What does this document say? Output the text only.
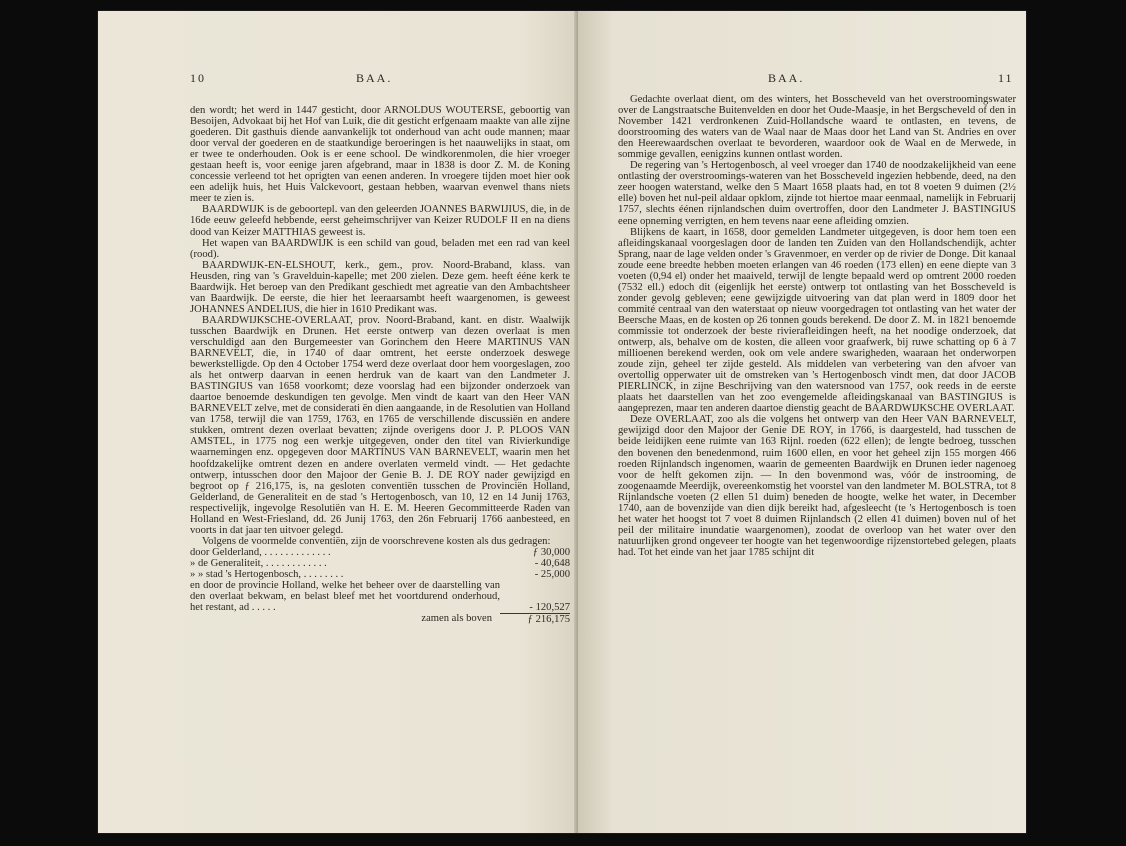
10	BAA.

den wordt; het werd in 1447 gesticht, door ARNOLDUS WOUTERSE, geboortig van Besoijen, Advokaat bij het Hof van Luik, die dit gesticht erfgenaam maakte van alle zijne goederen. Dit gasthuis diende aanvankelijk tot onderhoud van acht oude mannen; maar door verval der goederen en de staatkundige beroeringen is het naauwelijks in staat, om er twee te onderhouden. Ook is er eene school. De windkorenmolen, die hier vroeger gestaan heeft is, voor eenige jaren afgebrand, maar in 1838 is door Z. M. de Koning concessie verleend tot het oprigten van eenen anderen. In vroegere tijden moet hier ook een adelijk huis, het Huis Valckevoort, gestaan hebben, waarvan evenwel thans niets meer te zien is.

BAARDWIJK is de geboortepl. van den geleerden JOANNES BARWIJIUS, die, in de 16de eeuw geleefd hebbende, eerst geheimschrijver van Keizer RUDOLF II en na diens dood van Keizer MATTHIAS geweest is.

Het wapen van BAARDWIJK is een schild van goud, beladen met een rad van keel (rood).

BAARDWIJK-EN-ELSHOUT, kerk., gem., prov. Noord-Braband, klass. van Heusden, ring van 's Gravelduin-kapelle; met 200 zielen. Deze gem. heeft ééne kerk te Baardwijk. Het beroep van den Predikant geschiedt met agreatie van den Ambachtsheer van Baardwijk. De eerste, die hier het leeraarsambt heeft waargenomen, is geweest JOHANNES ANDELIUS, die hier in 1610 Predikant was.

BAARDWIJKSCHE-OVERLAAT, prov. Noord-Braband, kant. en distr. Waalwijk tusschen Baardwijk en Drunen. Het eerste ontwerp van dezen overlaat is men verschuldigd aan den Burgemeester van Gorinchem den Heere MARTINUS VAN BARNEVELT, die, in 1740 of daar omtrent, het eerste onderzoek deswege bewerkstelligde. Op den 4 October 1754 werd deze overlaat door hem voorgeslagen, zoo als het ontwerp daarvan in eenen herdruk van de kaart van den Landmeter J. BASTINGIUS van 1658 voorkomt; deze voorslag had een bijzonder onderzoek van daartoe benoemde deskundigen ten gevolge. Men vindt de kaart van den Heer VAN BARNEVELT zelve, met de considerati ën dien aangaande, in de Resolutien van Holland van 1758, terwijl die van 1759, 1763, en 1765 de verschillende discussiën en andere stukken, omtrent dezen overlaat bevatten; zijnde overigens door J. P. PLOOS VAN AMSTEL, in 1775 nog een werkje uitgegeven, onder den titel van Rivierkundige waarnemingen enz. opgegeven door MARTINUS VAN BARNEVELT, waarin men het hoofdzakelijke omtrent dezen en andere overlaten vermeld vindt. — Het gedachte ontwerp, intusschen door den Majoor der Genie B. J. DE ROY nader gewijzigd en begroot op ƒ 216,175, is, na gesloten conventiën tusschen de Provinciën Holland, Gelderland, de Generaliteit en de stad 's Hertogenbosch, van 10, 12 en 14 Junij 1763, respectivelijk, ingevolge Resolutiën van H. E. M. Heeren Gecommitteerde Raden van Holland en West-Friesland, dd. 26 Junij 1763, den 26n Februarij 1766 aanbesteed, en voorts in dat jaar ten uitvoer gelegd.

Volgens de voormelde conventiën, zijn de voorschrevene kosten als dus gedragen:

door Gelderland, . . . . . . . . . . . . .	ƒ 30,000
» de Generaliteit, . . . . . . . . . . . .	- 40,648
» » stad 's Hertogenbosch, . . . . . . . .	- 25,000
en door de provincie Holland, welke het beheer over de daarstelling van den overlaat bekwam, en belast bleef met het voortdurend onderhoud, het restant, ad . . . . .	- 120,527
zamen als boven	ƒ 216,175
BAA.	11

Gedachte overlaat dient, om des winters, het Bosscheveld van het overstroomingswater over de Langstraatsche Buitenvelden en door het Oude-Maasje, in het Bergscheveld of den in November 1421 verdronkenen Zuid-Hollandsche waard te ontlasten, en tevens, de doorstrooming des waters van de Waal naar de Maas door het Land van St. Andries en over den Heerewaardschen overlaat te bevorderen, waardoor ook de Waal en de Merwede, in sommige gevallen, eenigzins kunnen ontlast worden.

De regering van 's Hertogenbosch, al veel vroeger dan 1740 de noodzakelijkheid van eene ontlasting der overstroomings-wateren van het Bosscheveld ingezien hebbende, deed, na den zeer hoogen waterstand, welke den 5 Maart 1658 plaats had, en tot 8 voeten 9 duimen (2½ elle) boven het nul-peil aldaar opklom, zijnde tot hiertoe maar eenmaal, namelijk in Februarij 1757, slechts éénen rijnlandschen duim overtroffen, door den Landmeter J. BASTINGIUS eene opneming verrigten, en hem tevens naar eene afleiding omzien.

Blijkens de kaart, in 1658, door gemelden Landmeter uitgegeven, is door hem toen een afleidingskanaal voorgeslagen door de landen ten Zuiden van den Hollandschendijk, achter Sprang, naar de lage velden onder 's Gravenmoer, en verder op de rivier de Donge. Dit kanaal zoude eene breedte hebben moeten erlangen van 46 roeden (173 ellen) en eene diepte van 3 voeten (0,94 el) onder het maaiveld, terwijl de lengte bepaald werd op omtrent 2000 roeden (7532 ell.) edoch dit (eigenlijk het eerste) ontwerp tot ontlasting van het Bosscheveld is zonder gevolg gebleven; eene gewijzigde uitvoering van dat plan werd in 1809 door het commité centraal van den waterstaat op nieuw voorgedragen tot ontlasting van het water der Beersche Maas, en de kosten op 26 tonnen gouds berekend. De door Z. M. in 1821 benoemde commissie tot onderzoek der beste rivierafleidingen heeft, na het noodige onderzoek, dat ontwerp, als, behalve om de kosten, die alleen voor graafwerk, bij ruwe schatting op 6 à 7 millioenen berekend werden, ook om vele andere swarigheden, waaraan het onderworpen zoude zijn, geheel ter zijde gesteld. Als middelen van verbetering van den afvoer van overtollig opperwater uit de omstreken van 's Hertogenbosch vindt men, dat door JACOB PIERLINCK, in zijne Beschrijving van den watersnood van 1757, ook reeds in de eerste plaats het daarstellen van het zoo evengemelde afleidingskanaal van BASTINGIUS is aangeprezen, maar ten anderen daartoe dienstig geacht de BAARDWIJKSCHE OVERLAAT.

Deze OVERLAAT, zoo als die volgens het ontwerp van den Heer VAN BARNEVELT, gewijzigd door den Majoor der Genie DE ROY, in 1766, is daargesteld, had tusschen de beide leidijken eene ruimte van 163 Rijnl. roeden (622 ellen); de lengte bedroeg, tusschen den bovenen den benedenmond, ruim 1600 ellen, en voor het geheel zijn 155 morgen 466 roeden Rijnlandsch ingenomen, waarin de gemeenten Baardwijk en Drunen ieder nagenoeg voor de helft gekomen zijn. — In den bovenmond was, vóór de instrooming, de zoogenaamde Meerdijk, overeenkomstig het voorstel van den landmeter M. BOLSTRA, tot 8 Rijnlandsche voeten (2 ellen 51 duim) beneden de hoogte, welke het water, in December 1740, aan de bovenzijde van dien dijk bereikt had, afgesleecht (te 's Hertogenbosch is toen het water het hoogst tot 7 voet 8 duimen Rijnlandsch (2 ellen 41 duimen) boven nul of het peil der militaire inundatie waargenomen), zoodat de overloop van het water over den natuurlijken grond ongeveer ter hoogte van het tegenwoordige rijzenstortebed gelegen, plaats had. Tot het einde van het jaar 1785 schijnt dit
